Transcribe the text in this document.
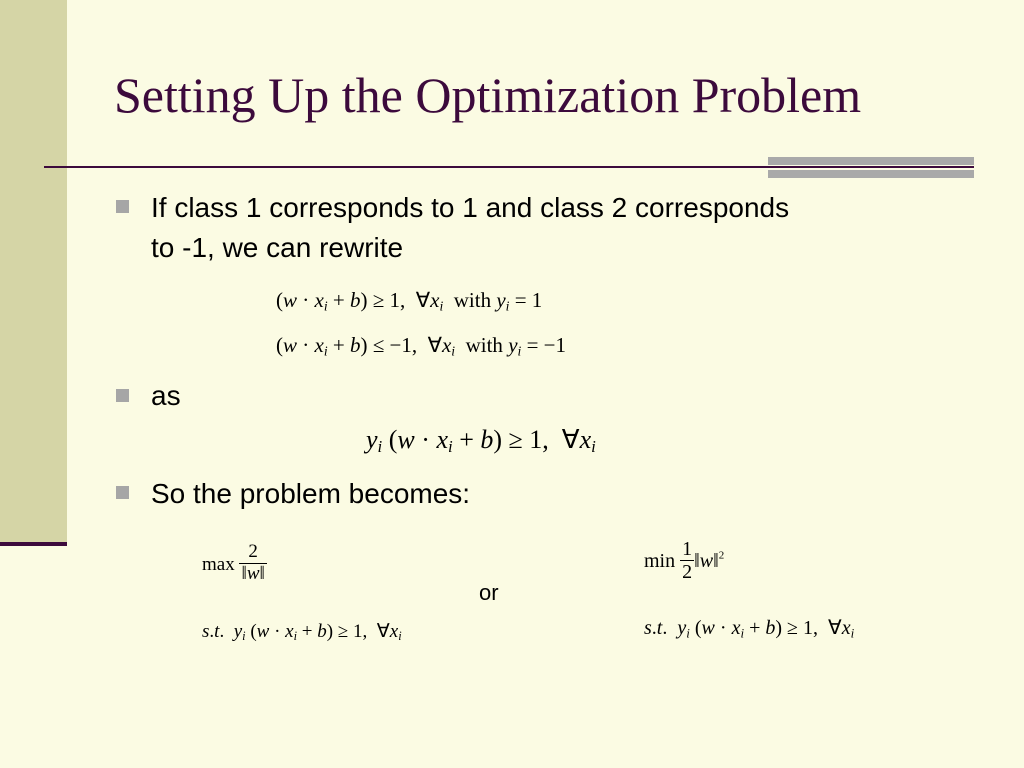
Setting Up the Optimization Problem
If class 1 corresponds to 1 and class 2 corresponds
to -1, we can rewrite
$(w \cdot x_i + b) \ge 1$,  $\forall x_i$  with $y_i = 1$
$(w \cdot x_i + b) \le -1$,  $\forall x_i$  with $y_i = -1$
as
$y_i$ $(w \cdot x_i + b) \ge 1$,  $\forall x_i$
So the problem becomes:
$\max \frac{2}{‖w‖}$
s.t.  $y_i$ $(w \cdot x_i + b) \ge 1$,  $\forall x_i$
or
$\min \frac{1}{2}$ ‖w‖$^2$
s.t.  $y_i$ $(w \cdot x_i + b) \ge 1$,  $\forall x_i$
